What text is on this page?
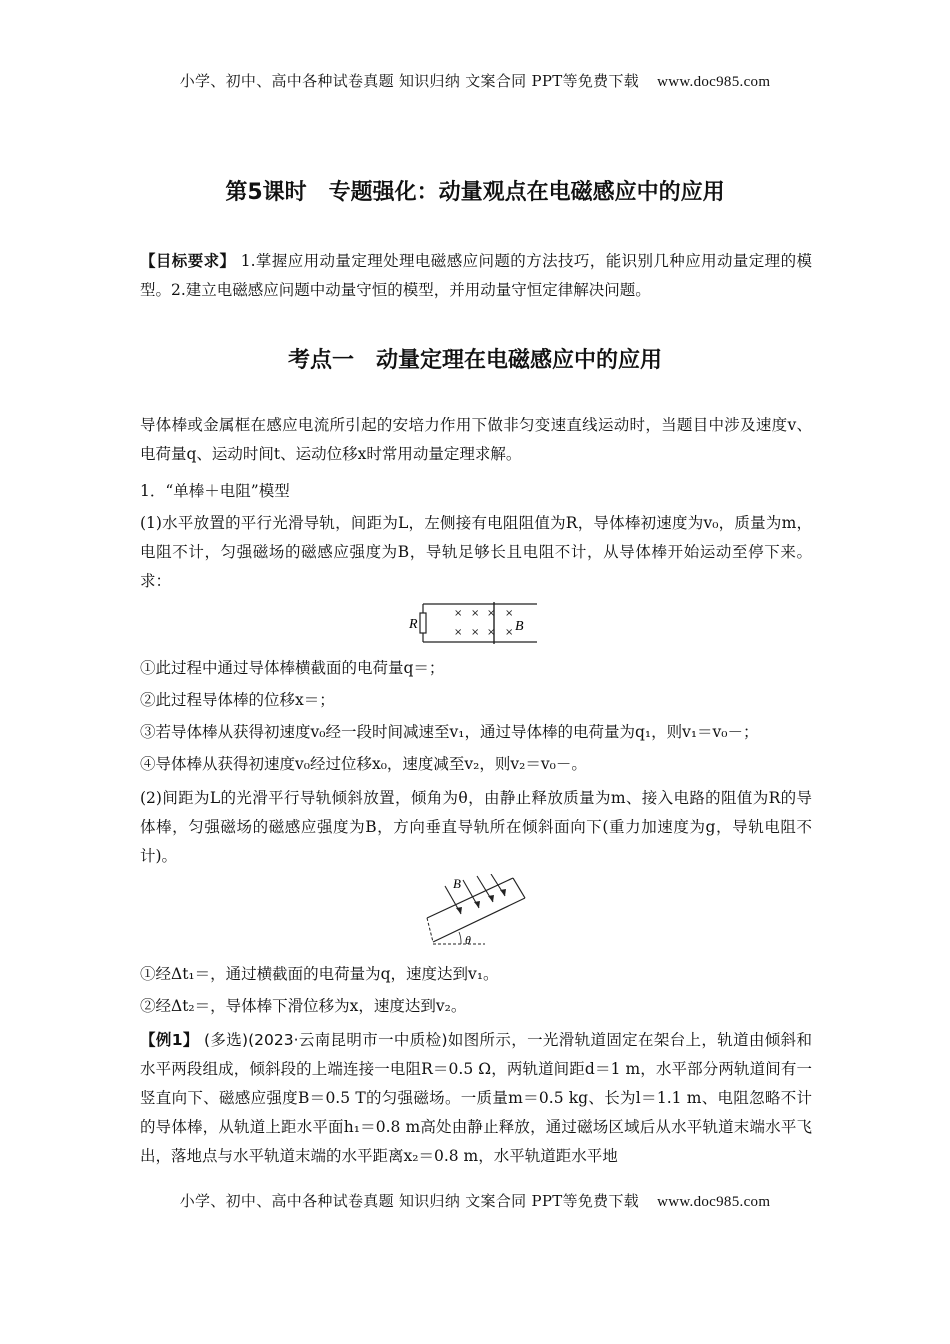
小学、初中、高中各种试卷真题 知识归纳 文案合同 PPT等免费下载 www.doc985.com
第5课时 专题强化：动量观点在电磁感应中的应用
【目标要求】 1.掌握应用动量定理处理电磁感应问题的方法技巧，能识别几种应用动量定理的模型。2.建立电磁感应问题中动量守恒的模型，并用动量守恒定律解决问题。
考点一 动量定理在电磁感应中的应用
导体棒或金属框在感应电流所引起的安培力作用下做非匀变速直线运动时，当题目中涉及速度v、电荷量q、运动时间t、运动位移x时常用动量定理求解。
1．“单棒＋电阻”模型
(1)水平放置的平行光滑导轨，间距为L，左侧接有电阻阻值为R，导体棒初速度为v₀，质量为m，电阻不计，匀强磁场的磁感应强度为B，导轨足够长且电阻不计，从导体棒开始运动至停下来。求：
R
× × × ×
× × × × B
①此过程中通过导体棒横截面的电荷量q＝；
②此过程导体棒的位移x＝；
③若导体棒从获得初速度v₀经一段时间减速至v₁，通过导体棒的电荷量为q₁，则v₁＝v₀－；
④导体棒从获得初速度v₀经过位移x₀，速度减至v₂，则v₂＝v₀－。
(2)间距为L的光滑平行导轨倾斜放置，倾角为θ，由静止释放质量为m、接入电路的阻值为R的导体棒，匀强磁场的磁感应强度为B，方向垂直导轨所在倾斜面向下(重力加速度为g，导轨电阻不计)。
B
θ
①经Δt₁＝，通过横截面的电荷量为q，速度达到v₁。
②经Δt₂＝，导体棒下滑位移为x，速度达到v₂。
【例1】 (多选)(2023·云南昆明市一中质检)如图所示，一光滑轨道固定在架台上，轨道由倾斜和水平两段组成，倾斜段的上端连接一电阻R＝0.5 Ω，两轨道间距d＝1 m，水平部分两轨道间有一竖直向下、磁感应强度B＝0.5 T的匀强磁场。一质量m＝0.5 kg、长为l＝1.1 m、电阻忽略不计的导体棒，从轨道上距水平面h₁＝0.8 m高处由静止释放，通过磁场区域后从水平轨道末端水平飞出，落地点与水平轨道末端的水平距离x₂＝0.8 m，水平轨道距水平地
小学、初中、高中各种试卷真题 知识归纳 文案合同 PPT等免费下载 www.doc985.com
